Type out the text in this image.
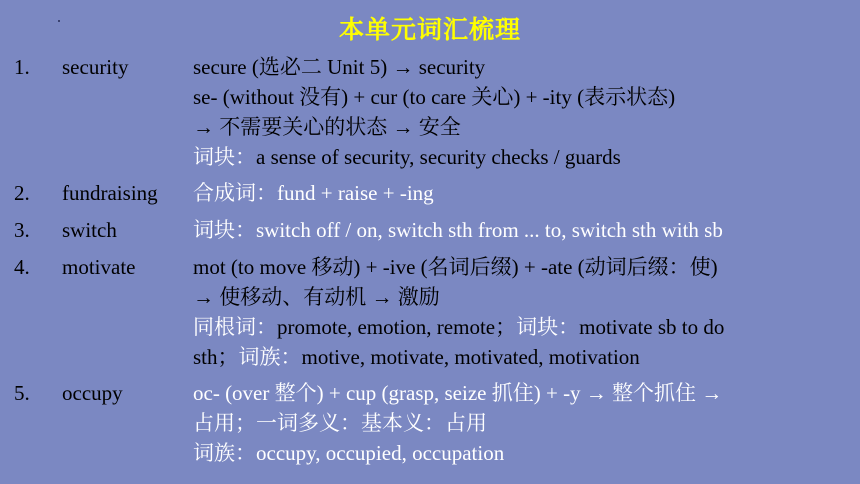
本单元词汇梳理
1. security	secure (选必二 Unit 5) → security
se- (without 没有) + cur (to care 关心) + -ity (表示状态)
→ 不需要关心的状态 → 安全
词块：a sense of security, security checks / guards
2. fundraising 合成词：fund + raise + -ing
3. switch	词块：switch off / on, switch sth from ... to, switch sth with sb
4. motivate	mot (to move 移动) + -ive (名词后缀) + -ate (动词后缀：使)
→ 使移动、有动机 → 激励
同根词：promote, emotion, remote；词块：motivate sb to do
sth；词族：motive, motivate, motivated, motivation
5. occupy	oc- (over 整个) + cup (grasp, seize 抓住) + -y → 整个抓住 →
占用；一词多义：基本义：占用
词族：occupy, occupied, occupation
